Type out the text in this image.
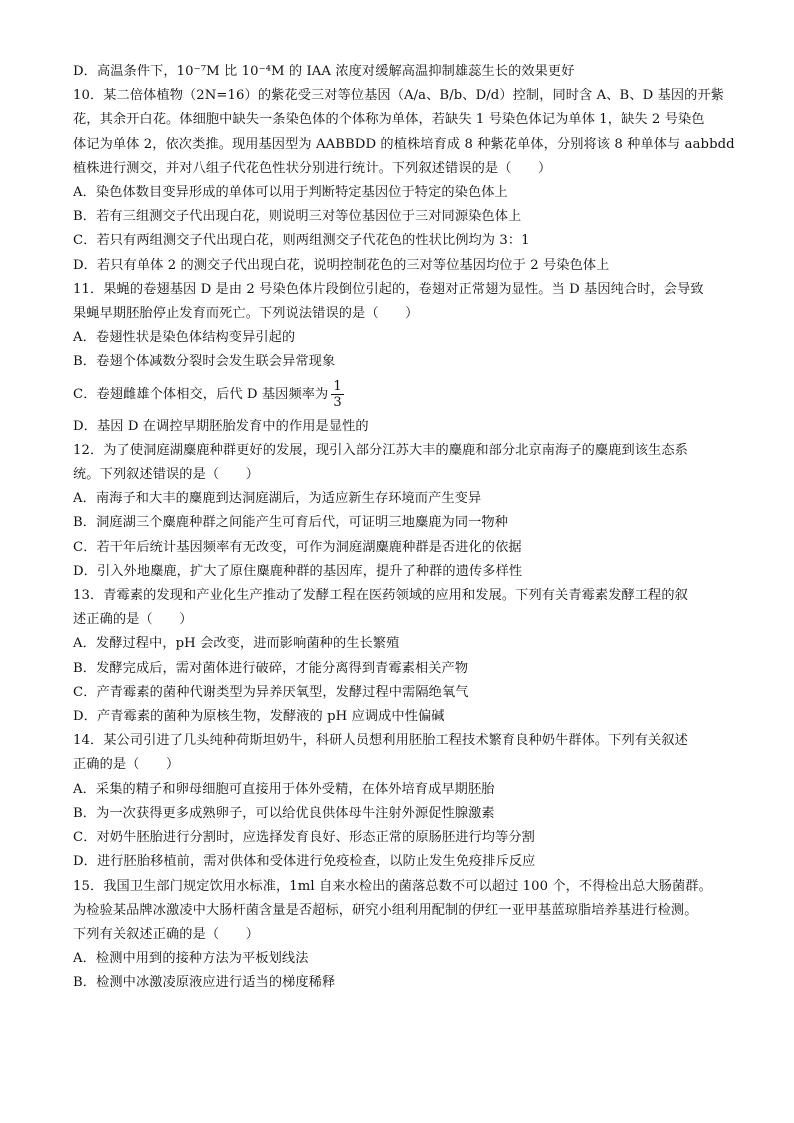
D．高温条件下，10⁻⁷M 比 10⁻⁴M 的 IAA 浓度对缓解高温抑制雄蕊生长的效果更好
10．某二倍体植物（2N=16）的紫花受三对等位基因（A/a、B/b、D/d）控制，同时含 A、B、D 基因的开紫
花，其余开白花。体细胞中缺失一条染色体的个体称为单体，若缺失 1 号染色体记为单体 1，缺失 2 号染色
体记为单体 2，依次类推。现用基因型为 AABBDD 的植株培育成 8 种紫花单体，分别将该 8 种单体与 aabbdd
植株进行测交，并对八组子代花色性状分别进行统计。下列叙述错误的是（　　）
A．染色体数目变异形成的单体可以用于判断特定基因位于特定的染色体上
B．若有三组测交子代出现白花，则说明三对等位基因位于三对同源染色体上
C．若只有两组测交子代出现白花，则两组测交子代花色的性状比例均为 3：1
D．若只有单体 2 的测交子代出现白花，说明控制花色的三对等位基因均位于 2 号染色体上
11．果蝇的卷翅基因 D 是由 2 号染色体片段倒位引起的，卷翅对正常翅为显性。当 D 基因纯合时，会导致
果蝇早期胚胎停止发育而死亡。下列说法错误的是（　　）
A．卷翅性状是染色体结构变异引起的
B．卷翅个体减数分裂时会发生联会异常现象
C．卷翅雌雄个体相交，后代 D 基因频率为 $\frac{1}{3}$
D．基因 D 在调控早期胚胎发育中的作用是显性的
12．为了使洞庭湖麋鹿种群更好的发展，现引入部分江苏大丰的麋鹿和部分北京南海子的麋鹿到该生态系
统。下列叙述错误的是（　　）
A．南海子和大丰的麋鹿到达洞庭湖后，为适应新生存环境而产生变异
B．洞庭湖三个麋鹿种群之间能产生可育后代，可证明三地麋鹿为同一物种
C．若干年后统计基因频率有无改变，可作为洞庭湖麋鹿种群是否进化的依据
D．引入外地麋鹿，扩大了原住麋鹿种群的基因库，提升了种群的遗传多样性
13．青霉素的发现和产业化生产推动了发酵工程在医药领域的应用和发展。下列有关青霉素发酵工程的叙
述正确的是（　　）
A．发酵过程中，pH 会改变，进而影响菌种的生长繁殖
B．发酵完成后，需对菌体进行破碎，才能分离得到青霉素相关产物
C．产青霉素的菌种代谢类型为异养厌氧型，发酵过程中需隔绝氧气
D．产青霉素的菌种为原核生物，发酵液的 pH 应调成中性偏碱
14．某公司引进了几头纯种荷斯坦奶牛，科研人员想利用胚胎工程技术繁育良种奶牛群体。下列有关叙述
正确的是（　　）
A．采集的精子和卵母细胞可直接用于体外受精，在体外培育成早期胚胎
B．为一次获得更多成熟卵子，可以给优良供体母牛注射外源促性腺激素
C．对奶牛胚胎进行分割时，应选择发育良好、形态正常的原肠胚进行均等分割
D．进行胚胎移植前，需对供体和受体进行免疫检查，以防止发生免疫排斥反应
15．我国卫生部门规定饮用水标准，1ml 自来水检出的菌落总数不可以超过 100 个，不得检出总大肠菌群。
为检验某品牌冰激凌中大肠杆菌含量是否超标，研究小组利用配制的伊红一亚甲基蓝琼脂培养基进行检测。
下列有关叙述正确的是（　　）
A．检测中用到的接种方法为平板划线法
B．检测中冰激凌原液应进行适当的梯度稀释
